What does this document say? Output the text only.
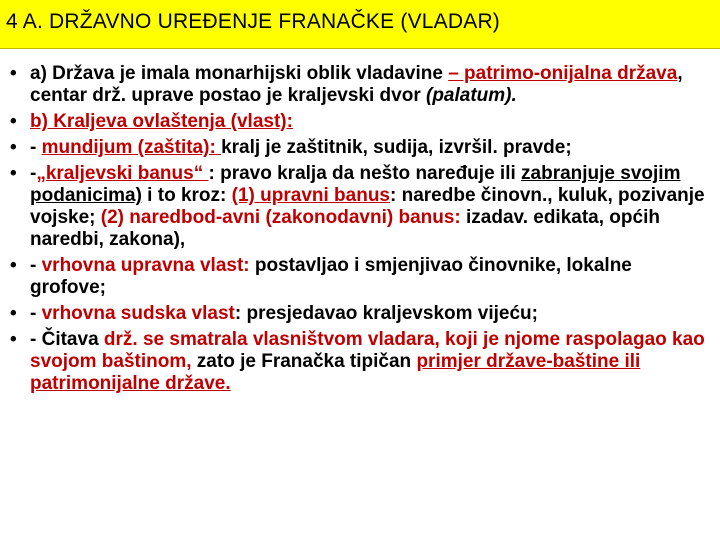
4 A. DRŽAVNO UREĐENJE FRANAČKE (VLADAR)
• a) Država je imala monarhijski oblik vladavine – patrimo-onijalna država, centar drž. uprave postao je kraljevski dvor (palatum).
• b) Kraljeva ovlaštenja (vlast):
• - mundijum (zaštita): kralj je zaštitnik, sudija, izvršil. pravde;
• -„kraljevski banus“ : pravo kralja da nešto naređuje ili zabranjuje svojim podanicima) i to kroz: (1) upravni banus: naredbe činovn., kuluk, pozivanje vojske; (2) naredbod-avni (zakonodavni) banus: izadav. edikata, općih naredbi, zakona),
• - vrhovna upravna vlast: postavljao i smjenjivao činovnike, lokalne grofove;
• - vrhovna sudska vlast: presjedavao kraljevskom vijeću;
• - Čitava drž. se smatrala vlasništvom vladara, koji je njome raspolagao kao svojom baštinom, zato je Franačka tipičan primjer države-baštine ili patrimonijalne države.
